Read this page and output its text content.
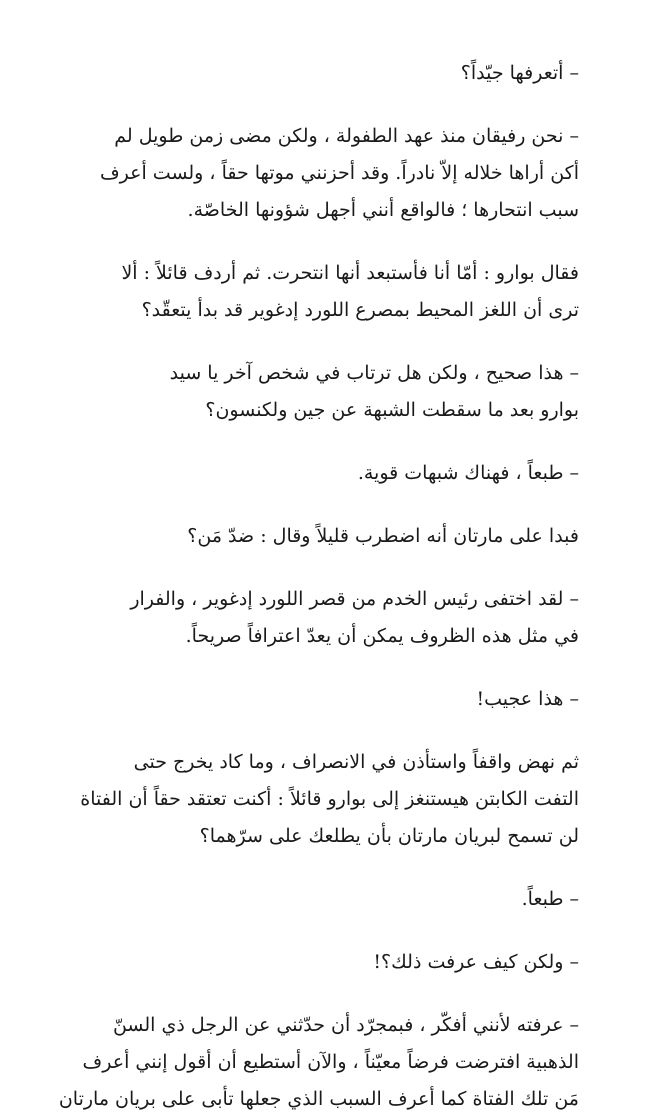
– أتعرفها جيّداً؟

– نحن رفيقان منذ عهد الطفولة ، ولكن مضى زمن طويل لم
أكن أراها خلاله إلاّ نادراً. وقد أحزنني موتها حقاً ، ولست أعرف
سبب انتحارها ؛ فالواقع أنني أجهل شؤونها الخاصّة.

فقال بوارو : أمّا أنا فأستبعد أنها انتحرت. ثم أردف قائلاً : ألا
ترى أن اللغز المحيط بمصرع اللورد إدغوير قد بدأ يتعقّد؟

– هذا صحيح ، ولكن هل ترتاب في شخص آخر يا سيد
بوارو بعد ما سقطت الشبهة عن جين ولكنسون؟

– طبعاً ، فهناك شبهات قوية.

فبدا على مارتان أنه اضطرب قليلاً وقال : ضدّ مَن؟

– لقد اختفى رئيس الخدم من قصر اللورد إدغوير ، والفرار
في مثل هذه الظروف يمكن أن يعدّ اعترافاً صريحاً.

– هذا عجيب!

ثم نهض واقفاً واستأذن في الانصراف ، وما كاد يخرج حتى
التفت الكابتن هيستنغز إلى بوارو قائلاً : أكنت تعتقد حقاً أن الفتاة
لن تسمح لبريان مارتان بأن يطلعك على سرّهما؟

– طبعاً.

– ولكن كيف عرفت ذلك؟!

– عرفته لأنني أفكّر ، فبمجرّد أن حدّثني عن الرجل ذي السنّ
الذهبية افترضت فرضاً معيّناً ، والآن أستطيع أن أقول إنني أعرف
مَن تلك الفتاة كما أعرف السبب الذي جعلها تأبى على بريان مارتان
